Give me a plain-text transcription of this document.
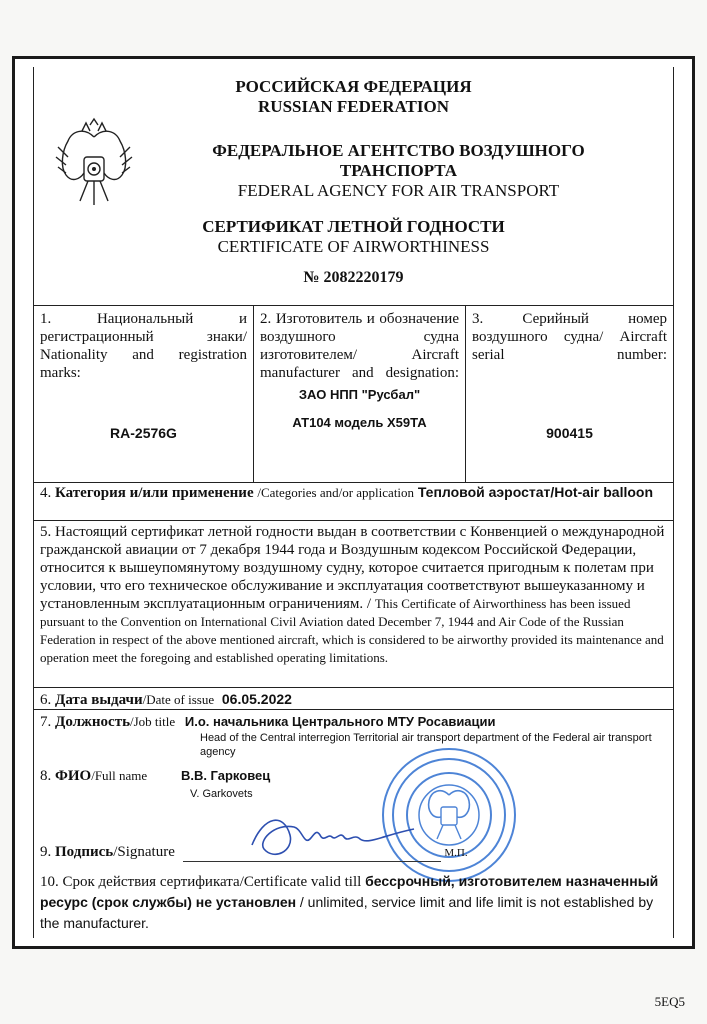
РОССИЙСКАЯ ФЕДЕРАЦИЯ
RUSSIAN FEDERATION
ФЕДЕРАЛЬНОЕ АГЕНТСТВО ВОЗДУШНОГО
ТРАНСПОРТА
FEDERAL AGENCY FOR AIR TRANSPORT
СЕРТИФИКАТ ЛЕТНОЙ ГОДНОСТИ
CERTIFICATE OF AIRWORTHINESS
№ 2082220179
1. Национальный и регистрационный знаки/ Nationality and registration marks:
RA-2576G
2. Изготовитель и обозначение воздушного судна изготовителем/ Aircraft manufacturer and designation:
ЗАО НПП "Русбал"
АТ104 модель Х59ТА
3. Серийный номер воздушного судна/ Aircraft serial number:
900415
4. Категория и/или применение /Categories and/or application Тепловой аэростат/Hot-air balloon
5. Настоящий сертификат летной годности выдан в соответствии с Конвенцией о международной гражданской авиации от 7 декабря 1944 года и Воздушным кодексом Российской Федерации, относится к вышеупомянутому воздушному судну, которое считается пригодным к полетам при условии, что его техническое обслуживание и эксплуатация соответствуют вышеуказанному и установленным эксплуатационным ограничениям. / This Certificate of Airworthiness has been issued pursuant to the Convention on International Civil Aviation dated December 7, 1944 and Air Code of the Russian Federation in respect of the above mentioned aircraft, which is considered to be airworthy provided its maintenance and operation meet the foregoing and established operating limitations.
6. Дата выдачи/Date of issue 06.05.2022
7. Должность/Job title И.о. начальника Центрального МТУ Росавиации
Head of the Central interregion Territorial air transport department of the Federal air transport agency
8. ФИО/Full name	В.В. Гарковец
V. Garkovets
9. Подпись/Signature	М.П.
10. Срок действия сертификата/Certificate valid till бессрочный, изготовителем назначенный ресурс (срок службы) не установлен / unlimited, service limit and life limit is not established by the manufacturer.
5EQ5
